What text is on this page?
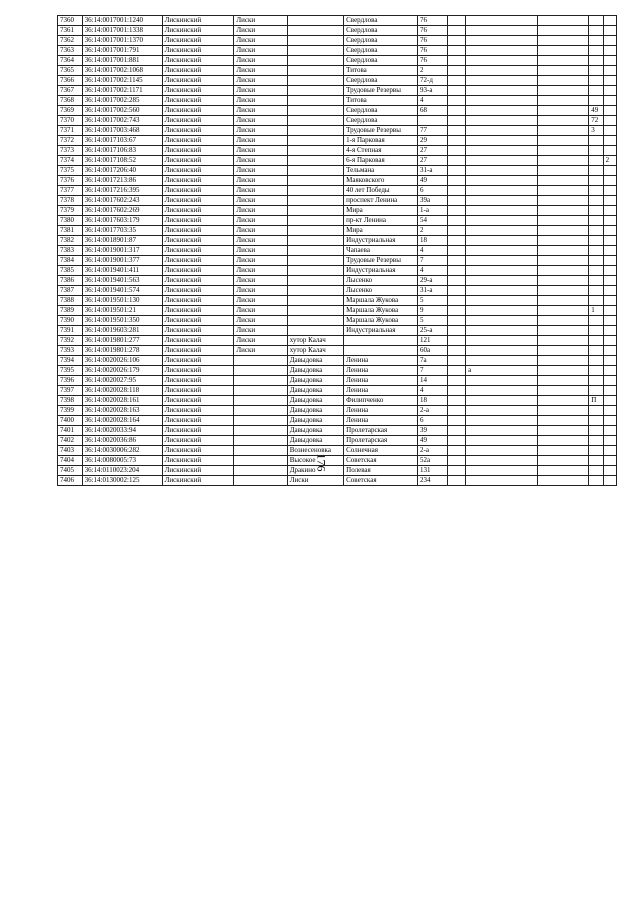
176
7360	36:14:0017001:1240	Лискинский	Лиски		Свердлова	76					
7361	36:14:0017001:1338	Лискинский	Лиски		Свердлова	76					
7362	36:14:0017001:1370	Лискинский	Лиски		Свердлова	76					
7363	36:14:0017001:791	Лискинский	Лиски		Свердлова	76					
7364	36:14:0017001:881	Лискинский	Лиски		Свердлова	76					
7365	36:14:0017002:1068	Лискинский	Лиски		Титова	2					
7366	36:14:0017002:1145	Лискинский	Лиски		Свердлова	72-д					
7367	36:14:0017002:1171	Лискинский	Лиски		Трудовые Резервы	93-а					
7368	36:14:0017002:285	Лискинский	Лиски		Титова	4					
7369	36:14:0017002:560	Лискинский	Лиски		Свердлова	68				49	
7370	36:14:0017002:743	Лискинский	Лиски		Свердлова					72	
7371	36:14:0017003:468	Лискинский	Лиски		Трудовые Резервы	77				3	
7372	36:14:0017103:67	Лискинский	Лиски		1-я Парковая	29					
7373	36:14:0017106:83	Лискинский	Лиски		4-я Степная	27					
7374	36:14:0017108:52	Лискинский	Лиски		6-я Парковая	27					2
7375	36:14:0017206:40	Лискинский	Лиски		Тельмана	31-а					
7376	36:14:0017213:86	Лискинский	Лиски		Маяковского	49					
7377	36:14:0017216:395	Лискинский	Лиски		40 лет Победы	6					
7378	36:14:0017602:243	Лискинский	Лиски		проспект Ленина	39а					
7379	36:14:0017602:269	Лискинский	Лиски		Мира	1-а					
7380	36:14:0017603:179	Лискинский	Лиски		пр-кт Ленина	54					
7381	36:14:0017703:35	Лискинский	Лиски		Мира	2					
7382	36:14:0018901:87	Лискинский	Лиски		Индустриальная	18					
7383	36:14:0019001:317	Лискинский	Лиски		Чапаева	4					
7384	36:14:0019001:377	Лискинский	Лиски		Трудовые Резервы	7					
7385	36:14:0019401:411	Лискинский	Лиски		Индустриальная	4					
7386	36:14:0019401:563	Лискинский	Лиски		Лысенко	29-а					
7387	36:14:0019401:574	Лискинский	Лиски		Лысенко	31-а					
7388	36:14:0019501:130	Лискинский	Лиски		Маршала Жукова	5					
7389	36:14:0019501:21	Лискинский	Лиски		Маршала Жукова	9				1	
7390	36:14:0019501:350	Лискинский	Лиски		Маршала Жукова	5					
7391	36:14:0019603:281	Лискинский	Лиски		Индустриальная	25-а					
7392	36:14:0019801:277	Лискинский	Лиски	хутор Калач		121					
7393	36:14:0019801:278	Лискинский	Лиски	хутор Калач		60а					
7394	36:14:0020026:106	Лискинский		Давыдовка	Ленина	7а					
7395	36:14:0020026:179	Лискинский		Давыдовка	Ленина	7		а			
7396	36:14:0020027:95	Лискинский		Давыдовка	Ленина	14					
7397	36:14:0020028:118	Лискинский		Давыдовка	Ленина	4					
7398	36:14:0020028:161	Лискинский		Давыдовка	Филипченко	18				П	
7399	36:14:0020028:163	Лискинский		Давыдовка	Ленина	2-а					
7400	36:14:0020028:164	Лискинский		Давыдовка	Ленина	6					
7401	36:14:0020033:94	Лискинский		Давыдовка	Пролетарская	39					
7402	36:14:0020036:86	Лискинский		Давыдовка	Пролетарская	49					
7403	36:14:0030006:282	Лискинский		Вознесеновка	Солнечная	2-а					
7404	36:14:0080005:73	Лискинский		Высокое	Советская	52а					
7405	36:14:0110023:204	Лискинский		Дракино	Полевая	131					
7406	36:14:0130002:125	Лискинский		Лиски	Советская	234					
